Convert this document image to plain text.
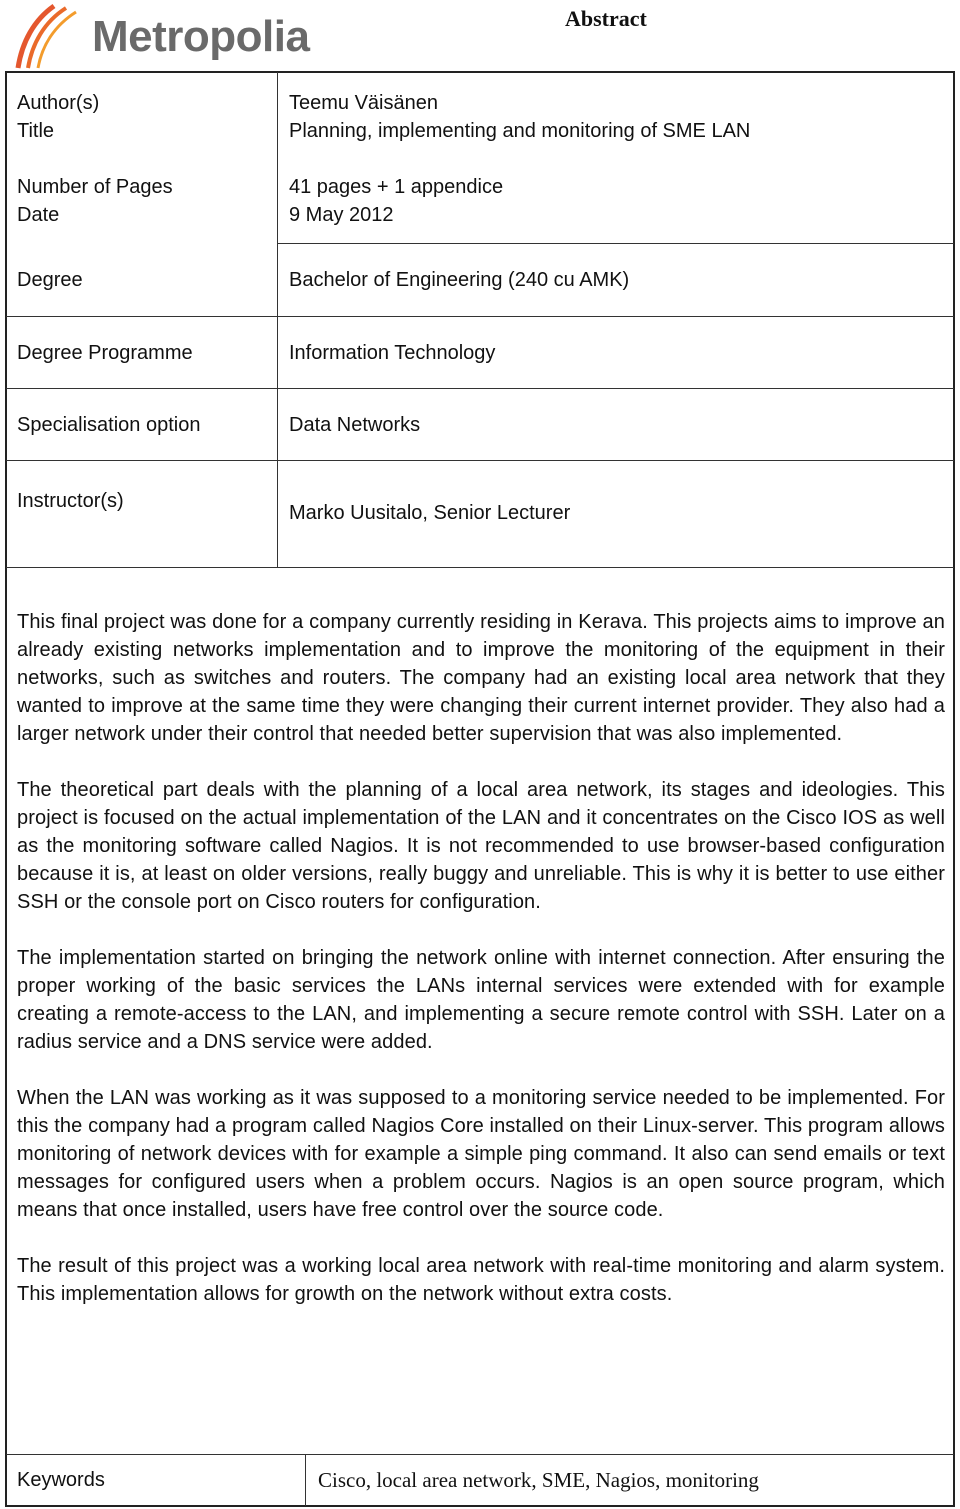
Metropolia	Abstract
Author(s)
Title
Number of Pages
Date
Degree
Degree Programme
Specialisation option
Instructor(s)
Teemu Väisänen
Planning, implementing and monitoring of SME LAN
41 pages + 1 appendice
9 May 2012
Bachelor of Engineering (240 cu AMK)
Information Technology
Data Networks
Marko Uusitalo, Senior Lecturer

This final project was done for a company currently residing in Kerava. This projects aims to improve an already existing networks implementation and to improve the monitoring of the equipment in their networks, such as switches and routers. The company had an existing local area network that they wanted to improve at the same time they were changing their current internet provider. They also had a larger network under their control that needed better supervision that was also implemented.

The theoretical part deals with the planning of a local area network, its stages and ideologies. This project is focused on the actual implementation of the LAN and it concentrates on the Cisco IOS as well as the monitoring software called Nagios. It is not recommended to use browser-based configuration because it is, at least on older versions, really buggy and unreliable. This is why it is better to use either SSH or the console port on Cisco routers for configuration.

The implementation started on bringing the network online with internet connection. After ensuring the proper working of the basic services the LANs internal services were extended with for example creating a remote-access to the LAN, and implementing a secure remote control with SSH. Later on a radius service and a DNS service were added.

When the LAN was working as it was supposed to a monitoring service needed to be implemented. For this the company had a program called Nagios Core installed on their Linux-server. This program allows monitoring of network devices with for example a simple ping command. It also can send emails or text messages for configured users when a problem occurs. Nagios is an open source program, which means that once installed, users have free control over the source code.

The result of this project was a working local area network with real-time monitoring and alarm system. This implementation allows for growth on the network without extra costs.

Keywords	Cisco, local area network, SME, Nagios, monitoring
